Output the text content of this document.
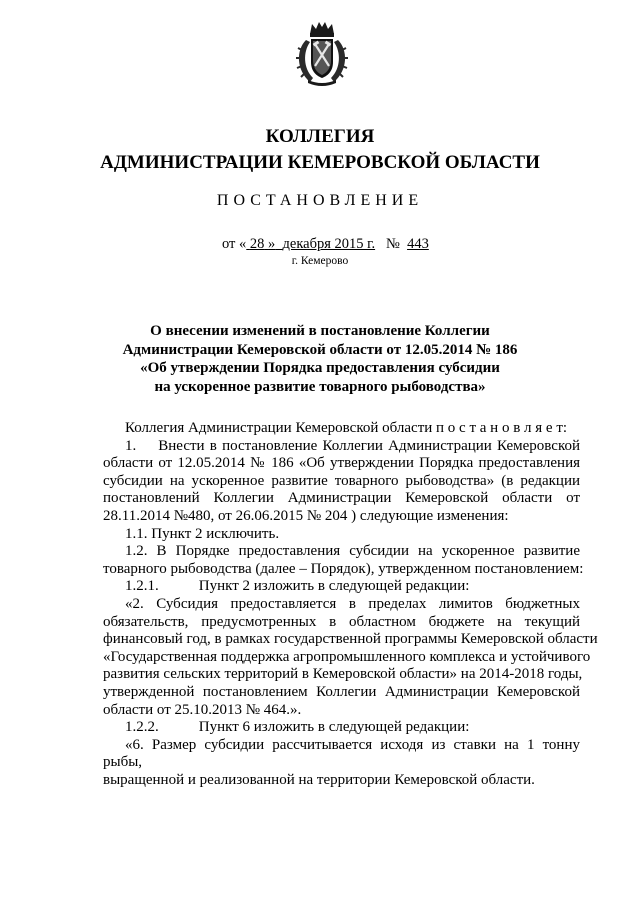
КОЛЛЕГИЯ
АДМИНИСТРАЦИИ КЕМЕРОВСКОЙ ОБЛАСТИ
ПОСТАНОВЛЕНИЕ
от « 28 » декабря 2015 г. № 443
г. Кемерово
О внесении изменений в постановление Коллегии
Администрации Кемеровской области от 12.05.2014 № 186
«Об утверждении Порядка предоставления субсидии
на ускоренное развитие товарного рыбоводства»
Коллегия Администрации Кемеровской области п о с т а н о в л я е т:
1. Внести в постановление Коллегии Администрации Кемеровской
области от 12.05.2014 № 186 «Об утверждении Порядка предоставления
субсидии на ускоренное развитие товарного рыбоводства» (в редакции
постановлений Коллегии Администрации Кемеровской области от
28.11.2014 №480, от 26.06.2015 № 204 ) следующие изменения:
1.1. Пункт 2 исключить.
1.2. В Порядке предоставления субсидии на ускоренное развитие
товарного рыбоводства (далее – Порядок), утвержденном постановлением:
1.2.1.	Пункт 2 изложить в следующей редакции:
«2. Субсидия предоставляется в пределах лимитов бюджетных
обязательств, предусмотренных в областном бюджете на текущий
финансовый год, в рамках государственной программы Кемеровской области
«Государственная поддержка агропромышленного комплекса и устойчивого
развития сельских территорий в Кемеровской области» на 2014-2018 годы,
утвержденной постановлением Коллегии Администрации Кемеровской
области от 25.10.2013 № 464.».
1.2.2.	Пункт 6 изложить в следующей редакции:
«6. Размер субсидии рассчитывается исходя из ставки на 1 тонну рыбы,
выращенной и реализованной на территории Кемеровской области.
